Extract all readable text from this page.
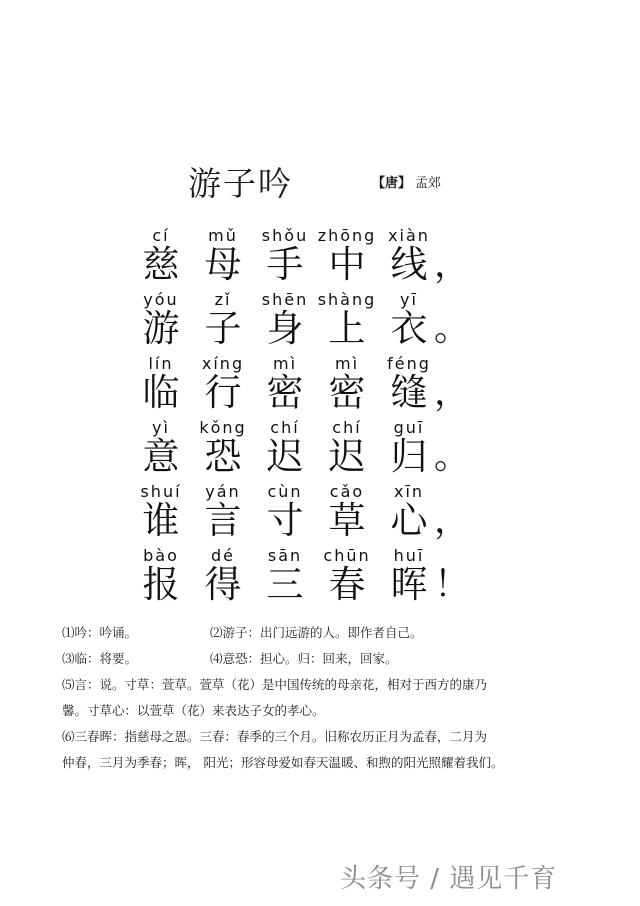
游子吟	【唐】 孟郊
cí	mǔ	shǒu zhōng xiàn
慈 母 手 中 线 ，
yóu	zǐ	shēn shàng	yī
游 子 身 上 衣 。
lín	xíng	mì	mì	féng
临 行 密 密 缝 ，
yì	kǒng	chí	chí	guī
意 恐 迟 迟 归 。
shuí	yán	cùn	cǎo	xīn
谁 言 寸 草 心 ，
bào	dé	sān	chūn	huī
报 得 三 春 晖 ！
⑴吟：吟诵。	⑵游子：出门远游的人。即作者自己。
⑶临：将要。	⑷意恐：担心。归：回来，回家。
⑸言：说。寸草：萱草。萱草（花）是中国传统的母亲花，相对于西方的康乃
馨。寸草心：以萱草（花）来表达子女的孝心。
⑹三春晖：指慈母之恩。三春：春季的三个月。旧称农历正月为孟春，二月为
仲春，三月为季春；晖， 阳光；形容母爱如春天温暖、和煦的阳光照耀着我们。
头条号 / 遇见千育
